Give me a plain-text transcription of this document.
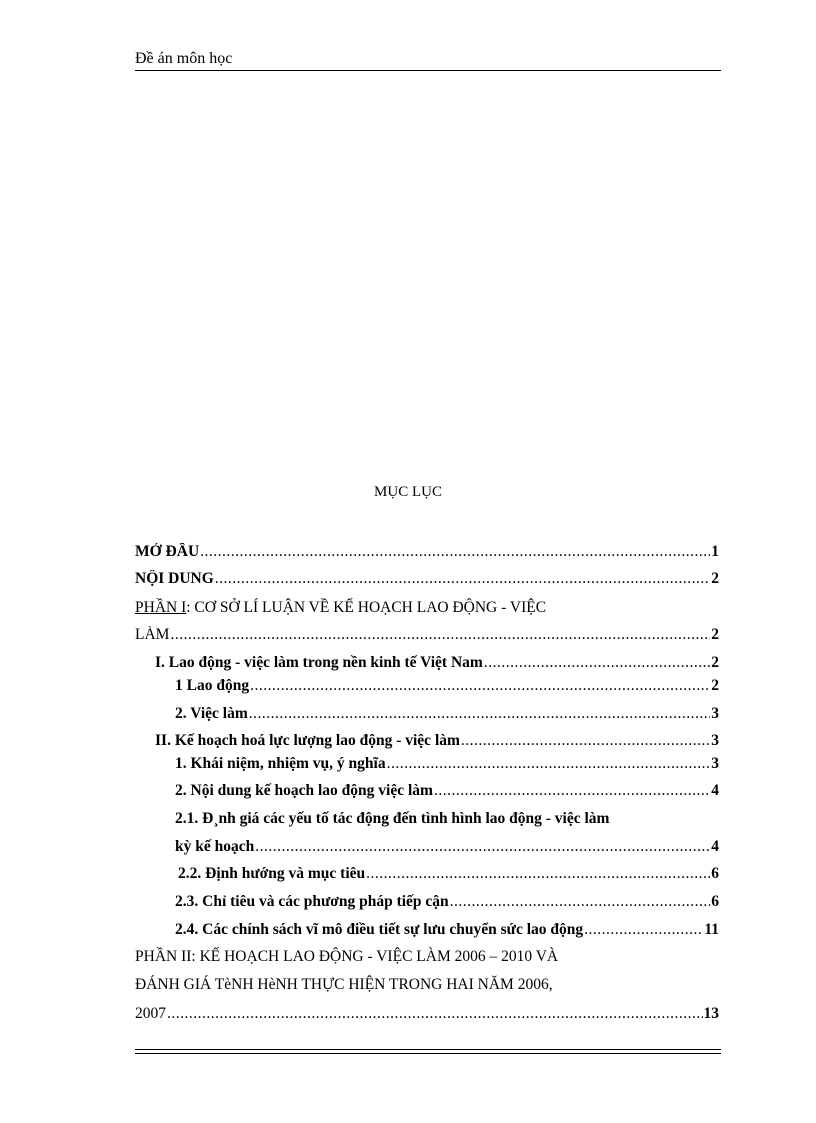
Đề án môn học
MỤC LỤC
MỞ ĐẦU .....	1
NỘI DUNG .....	2
PHẦN I: CƠ SỞ LÍ LUẬN VỀ KẾ HOẠCH LAO ĐỘNG - VIỆC
LÀM .....	2
I. Lao động - việc làm trong nền kinh tế Việt Nam .....	2
1 Lao động .....	2
2. Việc làm .....	3
II. Kế hoạch hoá lực lượng lao động - việc làm .....	3
1. Khái niệm, nhiệm vụ, ý nghĩa .....	3
2. Nội dung kế hoạch lao động việc làm .....	4
2.1. Đ¸nh giá các yếu tố tác động đến tình hình lao động - việc làm
kỳ kế hoạch .....	4
2.2. Định hướng và mục tiêu .....	6
2.3. Chỉ tiêu và các phương pháp tiếp cận .....	6
2.4. Các chính sách vĩ mô điều tiết sự lưu chuyển sức lao động .....	11
PHẦN II: KẾ HOẠCH LAO ĐỘNG - VIỆC LÀM 2006 – 2010 VÀ
ĐÁNH GIÁ TèNH HèNH THỰC HIỆN TRONG HAI NĂM 2006,
2007 .....	13
